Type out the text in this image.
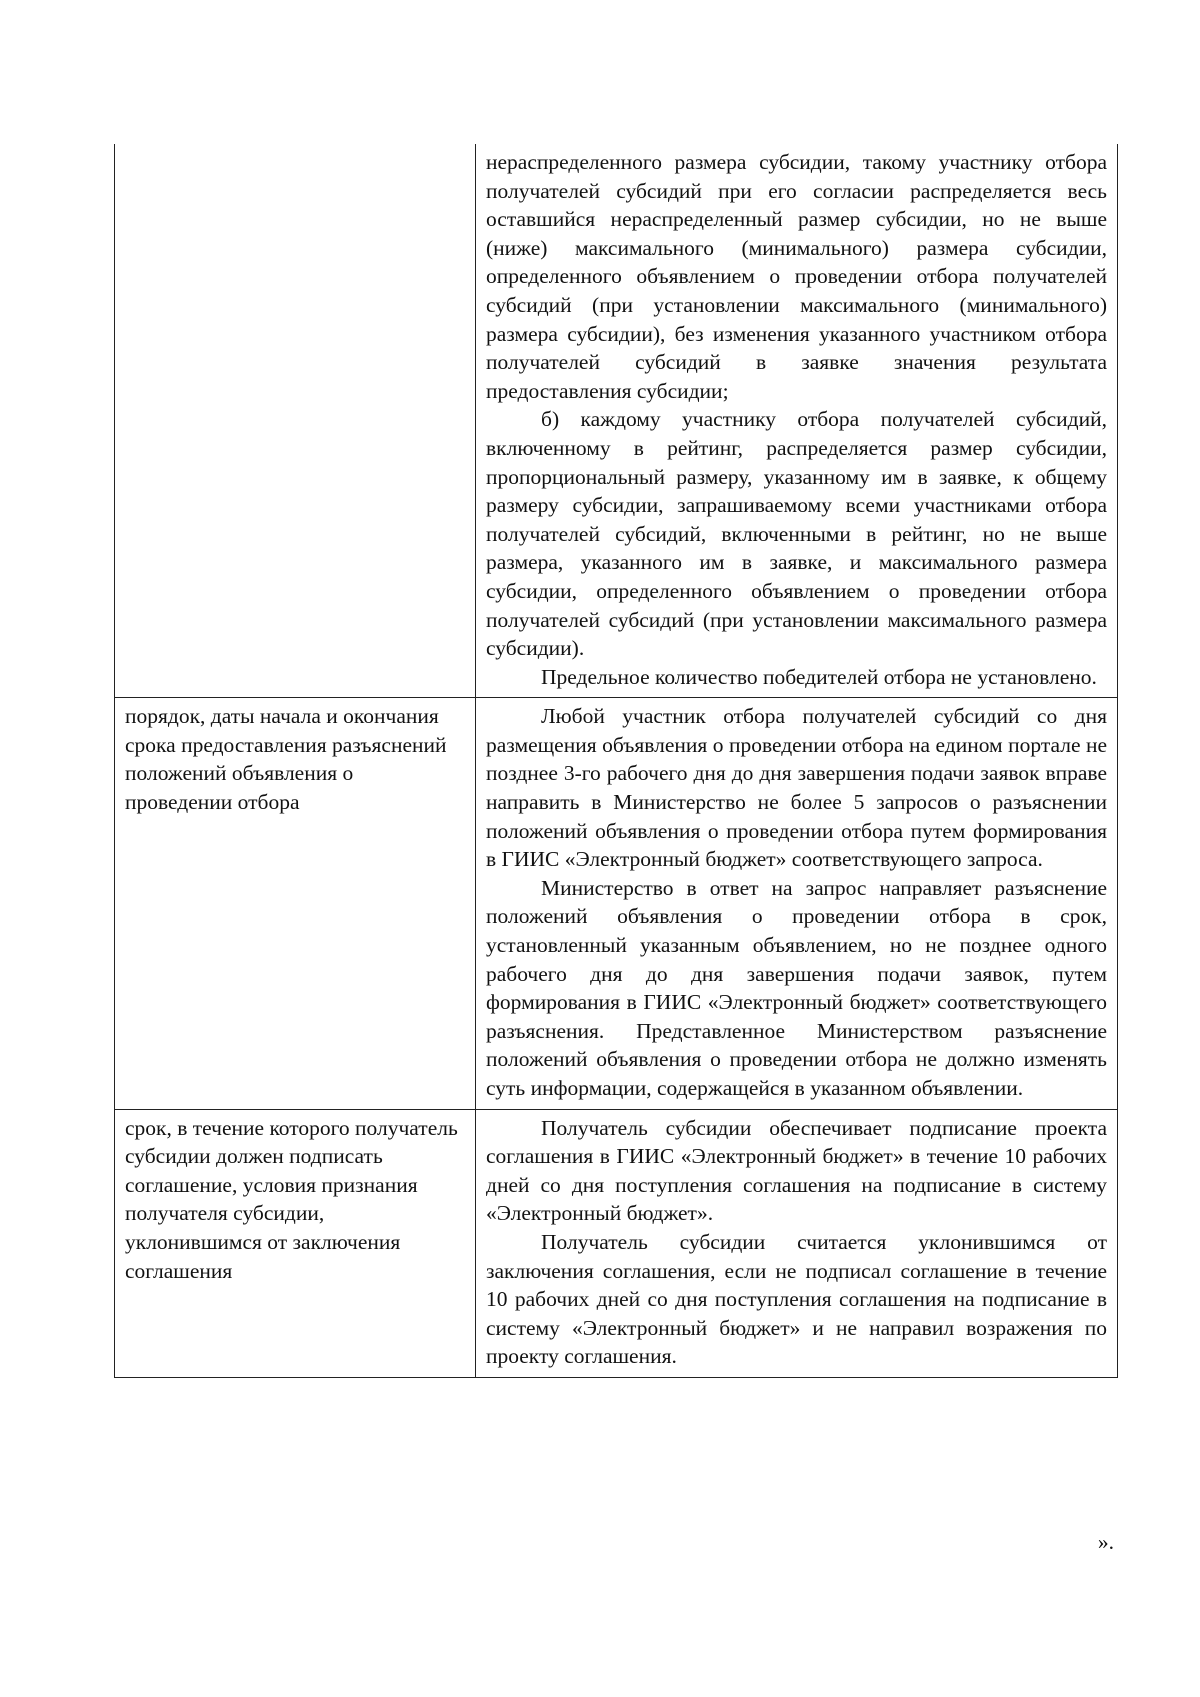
	нераспределенного размера субсидии, такому участнику отбора получателей субсидий при его согласии распределяется весь оставшийся нераспределенный размер субсидии, но не выше (ниже) максимального (минимального) размера субсидии, определенного объявлением о проведении отбора получателей субсидий (при установлении максимального (минимального) размера субсидии), без изменения указанного участником отбора получателей субсидий в заявке значения результата предоставления субсидии;

б) каждому участнику отбора получателей субсидий, включенному в рейтинг, распределяется размер субсидии, пропорциональный размеру, указанному им в заявке, к общему размеру субсидии, запрашиваемому всеми участниками отбора получателей субсидий, включенными в рейтинг, но не выше размера, указанного им в заявке, и максимального размера субсидии, определенного объявлением о проведении отбора получателей субсидий (при установлении максимального размера субсидии).

Предельное количество победителей отбора не установлено.

порядок, даты начала и окончания срока предоставления разъяснений положений объявления о проведении отбора	Любой участник отбора получателей субсидий со дня размещения объявления о проведении отбора на едином портале не позднее 3-го рабочего дня до дня завершения подачи заявок вправе направить в Министерство не более 5 запросов о разъяснении положений объявления о проведении отбора путем формирования в ГИИС «Электронный бюджет» соответствующего запроса.

Министерство в ответ на запрос направляет разъяснение положений объявления о проведении отбора в срок, установленный указанным объявлением, но не позднее одного рабочего дня до дня завершения подачи заявок, путем формирования в ГИИС «Электронный бюджет» соответствующего разъяснения. Представленное Министерством разъяснение положений объявления о проведении отбора не должно изменять суть информации, содержащейся в указанном объявлении.

срок, в течение которого получатель субсидии должен подписать соглашение, условия признания получателя субсидии, уклонившимся от заключения соглашения	Получатель субсидии обеспечивает подписание проекта соглашения в ГИИС «Электронный бюджет» в течение 10 рабочих дней со дня поступления соглашения на подписание в систему «Электронный бюджет».

Получатель субсидии считается уклонившимся от заключения соглашения, если не подписал соглашение в течение 10 рабочих дней со дня поступления соглашения на подписание в систему «Электронный бюджет» и не направил возражения по проекту соглашения.

».
